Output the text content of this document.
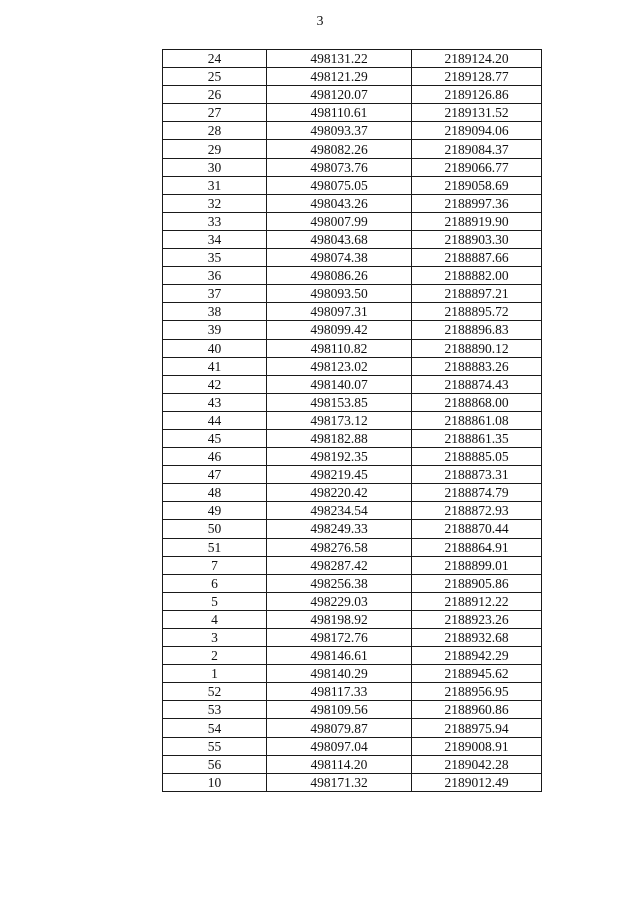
3
24	498131.22	2189124.20
25	498121.29	2189128.77
26	498120.07	2189126.86
27	498110.61	2189131.52
28	498093.37	2189094.06
29	498082.26	2189084.37
30	498073.76	2189066.77
31	498075.05	2189058.69
32	498043.26	2188997.36
33	498007.99	2188919.90
34	498043.68	2188903.30
35	498074.38	2188887.66
36	498086.26	2188882.00
37	498093.50	2188897.21
38	498097.31	2188895.72
39	498099.42	2188896.83
40	498110.82	2188890.12
41	498123.02	2188883.26
42	498140.07	2188874.43
43	498153.85	2188868.00
44	498173.12	2188861.08
45	498182.88	2188861.35
46	498192.35	2188885.05
47	498219.45	2188873.31
48	498220.42	2188874.79
49	498234.54	2188872.93
50	498249.33	2188870.44
51	498276.58	2188864.91
7	498287.42	2188899.01
6	498256.38	2188905.86
5	498229.03	2188912.22
4	498198.92	2188923.26
3	498172.76	2188932.68
2	498146.61	2188942.29
1	498140.29	2188945.62
52	498117.33	2188956.95
53	498109.56	2188960.86
54	498079.87	2188975.94
55	498097.04	2189008.91
56	498114.20	2189042.28
10	498171.32	2189012.49
